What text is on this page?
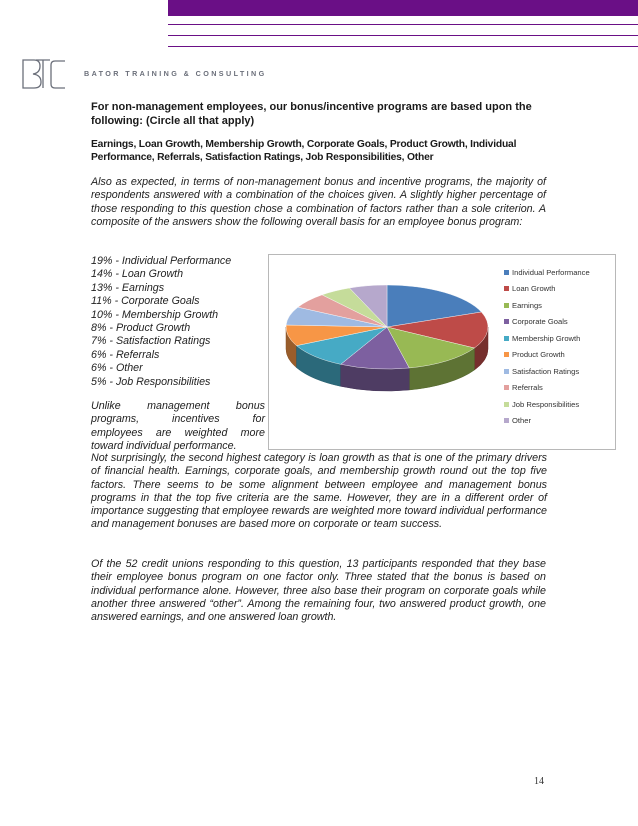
BATOR TRAINING & CONSULTING
For non-management employees, our bonus/incentive programs are based upon the following: (Circle all that apply)
Earnings, Loan Growth, Membership Growth, Corporate Goals, Product Growth, Individual Performance, Referrals, Satisfaction Ratings, Job Responsibilities, Other
Also as expected, in terms of non-management bonus and incentive programs, the majority of respondents answered with a combination of the choices given. A slightly higher percentage of those responding to this question chose a combination of factors rather than a sole criterion. A composite of the answers show the following overall basis for an employee bonus program:
19% - Individual Performance
14% - Loan Growth
13% - Earnings
11% - Corporate Goals
10% - Membership Growth
8% - Product Growth
7% - Satisfaction Ratings
6% - Referrals
6% - Other
5% - Job Responsibilities
Unlike management bonus
programs, incentives for
employees are weighted more
toward individual performance.
Individual Performance
Loan Growth
Earnings
Corporate Goals
Membership Growth
Product Growth
Satisfaction Ratings
Referrals
Job Responsibilities
Other
Not surprisingly, the second highest category is loan growth as that is one of the primary drivers of financial health. Earnings, corporate goals, and membership growth round out the top five factors. There seems to be some alignment between employee and management bonus programs in that the top five criteria are the same. However, they are in a different order of importance suggesting that employee rewards are weighted more toward individual performance and management bonuses are based more on corporate or team success.
Of the 52 credit unions responding to this question, 13 participants responded that they base their employee bonus program on one factor only. Three stated that the bonus is based on individual performance alone. However, three also base their program on corporate goals while another three answered “other”. Among the remaining four, two answered product growth, one answered earnings, and one answered loan growth.
14
